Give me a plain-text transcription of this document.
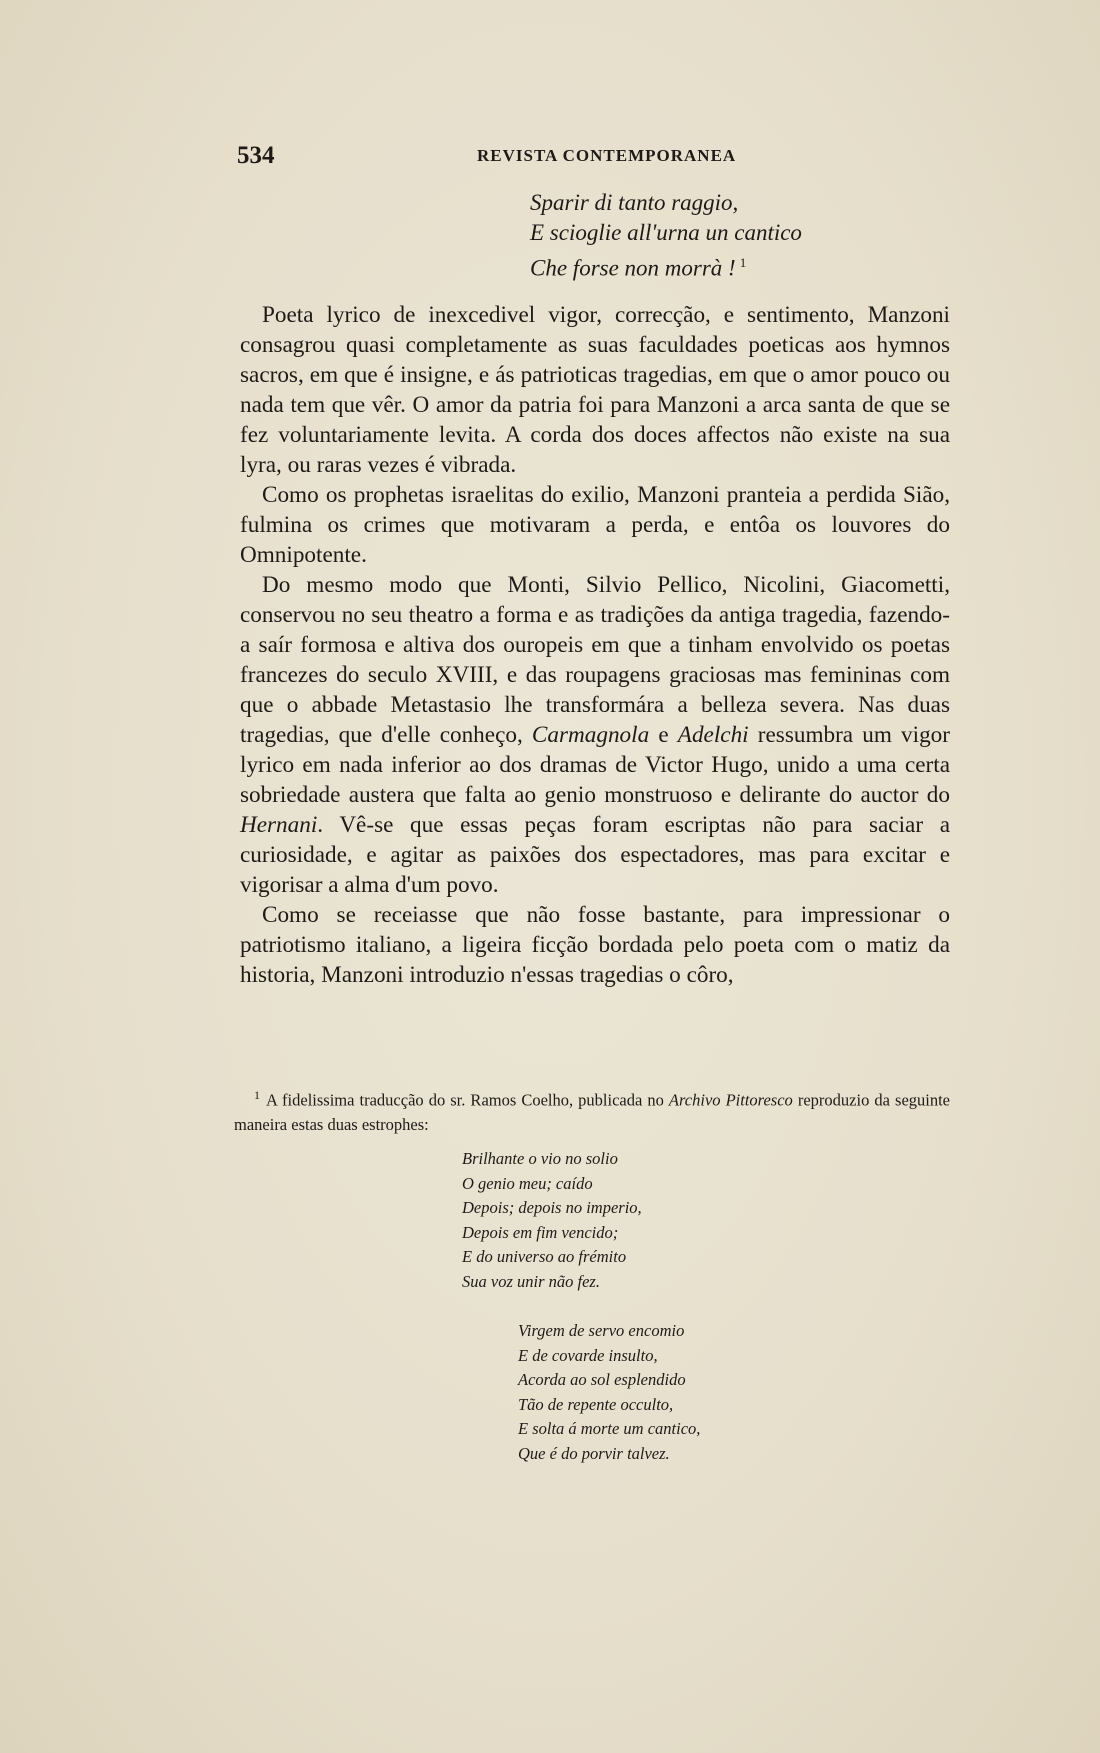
534	REVISTA CONTEMPORANEA
Sparir di tanto raggio,
E scioglie all'urna un cantico
Che forse non morrà ! $^1$

Poeta lyrico de inexcedivel vigor, correcção, e sentimento, Manzoni consagrou quasi completamente as suas faculdades poeticas aos hymnos sacros, em que é insigne, e ás patrioticas tragedias, em que o amor pouco ou nada tem que vêr. O amor da patria foi para Manzoni a arca santa de que se fez voluntariamente levita. A corda dos doces affectos não existe na sua lyra, ou raras vezes é vibrada.

Como os prophetas israelitas do exilio, Manzoni pranteia a perdida Sião, fulmina os crimes que motivaram a perda, e entôa os louvores do Omnipotente.

Do mesmo modo que Monti, Silvio Pellico, Nicolini, Giacometti, conservou no seu theatro a forma e as tradições da antiga tragedia, fazendo-a saír formosa e altiva dos ouropeis em que a tinham envolvido os poetas francezes do seculo XVIII, e das roupagens graciosas mas femininas com que o abbade Metastasio lhe transformára a belleza severa. Nas duas tragedias, que d'elle conheço, Carmagnola e Adelchi ressumbra um vigor lyrico em nada inferior ao dos dramas de Victor Hugo, unido a uma certa sobriedade austera que falta ao genio monstruoso e delirante do auctor do Hernani. Vê-se que essas peças foram escriptas não para saciar a curiosidade, e agitar as paixões dos espectadores, mas para excitar e vigorisar a alma d'um povo.

Como se receiasse que não fosse bastante, para impressionar o patriotismo italiano, a ligeira ficção bordada pelo poeta com o matiz da historia, Manzoni introduzio n'essas tragedias o côro,

$^1$ A fidelissima traducção do sr. Ramos Coelho, publicada no Archivo Pittoresco reproduzio da seguinte maneira estas duas estrophes:

Brilhante o vio no solio
O genio meu; caído
Depois; depois no imperio,
Depois em fim vencido;
E do universo ao frémito
Sua voz unir não fez.
Virgem de servo encomio
E de covarde insulto,
Acorda ao sol esplendido
Tão de repente occulto,
E solta á morte um cantico,
Que é do porvir talvez.
